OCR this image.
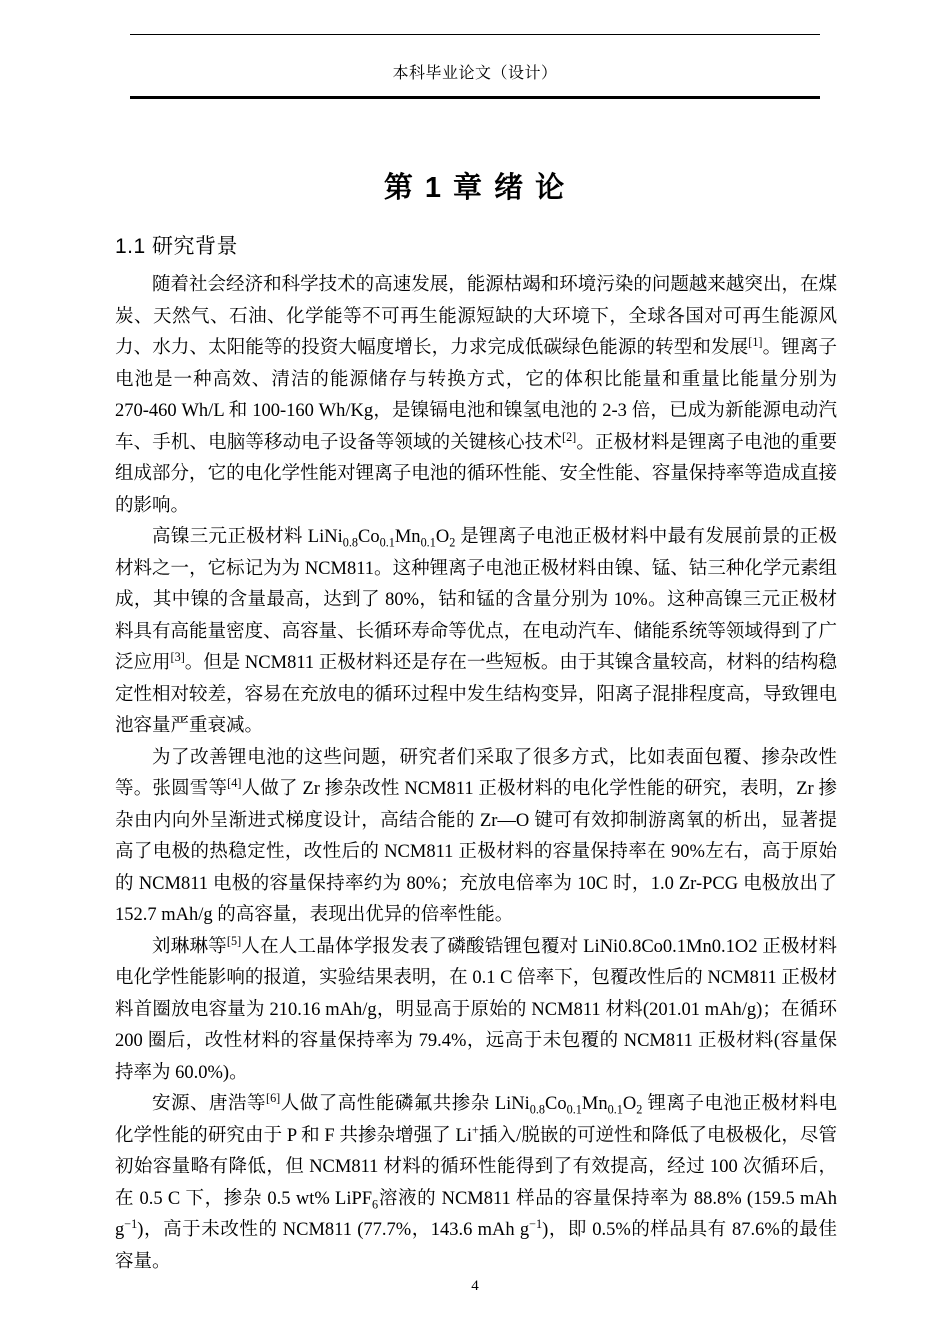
本科毕业论文（设计）
第 1 章 绪 论
1.1 研究背景

随着社会经济和科学技术的高速发展，能源枯竭和环境污染的问题越来越突出，在煤炭、天然气、石油、化学能等不可再生能源短缺的大环境下，全球各国对可再生能源风力、水力、太阳能等的投资大幅度增长，力求完成低碳绿色能源的转型和发展[1]。锂离子电池是一种高效、清洁的能源储存与转换方式，它的体积比能量和重量比能量分别为 270-460 Wh/L 和 100-160 Wh/Kg，是镍镉电池和镍氢电池的 2-3 倍，已成为新能源电动汽车、手机、电脑等移动电子设备等领域的关键核心技术[2]。正极材料是锂离子电池的重要组成部分，它的电化学性能对锂离子电池的循环性能、安全性能、容量保持率等造成直接的影响。

高镍三元正极材料 $LiNi_{0.8}Co_{0.1}Mn_{0.1}O_2$ 是锂离子电池正极材料中最有发展前景的正极材料之一，它标记为为 NCM811。这种锂离子电池正极材料由镍、锰、钴三种化学元素组成，其中镍的含量最高，达到了 80%，钴和锰的含量分别为 10%。这种高镍三元正极材料具有高能量密度、高容量、长循环寿命等优点，在电动汽车、储能系统等领域得到了广泛应用[3]。但是 NCM811 正极材料还是存在一些短板。由于其镍含量较高，材料的结构稳定性相对较差，容易在充放电的循环过程中发生结构变异，阳离子混排程度高，导致锂电池容量严重衰减。

为了改善锂电池的这些问题，研究者们采取了很多方式，比如表面包覆、掺杂改性等。张圆雪等[4]人做了 Zr 掺杂改性 NCM811 正极材料的电化学性能的研究，表明，Zr 掺杂由内向外呈渐进式梯度设计，高结合能的 Zr—O 键可有效抑制游离氧的析出，显著提高了电极的热稳定性，改性后的 NCM811 正极材料的容量保持率在 90%左右，高于原始的 NCM811 电极的容量保持率约为 80%；充放电倍率为 10C 时，1.0 Zr-PCG 电极放出了 152.7 mAh/g 的高容量，表现出优异的倍率性能。

刘琳琳等[5]人在人工晶体学报发表了磷酸锆锂包覆对 LiNi0.8Co0.1Mn0.1O2 正极材料电化学性能影响的报道，实验结果表明，在 0.1 C 倍率下，包覆改性后的 NCM811 正极材料首圈放电容量为 210.16 mAh/g，明显高于原始的 NCM811 材料(201.01 mAh/g)；在循环 200 圈后，改性材料的容量保持率为 79.4%，远高于未包覆的 NCM811 正极材料(容量保持率为 60.0%)。

安源、唐浩等[6]人做了高性能磷氟共掺杂 $LiNi_{0.8}Co_{0.1}Mn_{0.1}O_2$ 锂离子电池正极材料电化学性能的研究由于 P 和 F 共掺杂增强了 Li+插入/脱嵌的可逆性和降低了电极极化，尽管初始容量略有降低，但 NCM811 材料的循环性能得到了有效提高，经过 100 次循环后，在 0.5 C 下，掺杂 0.5 wt% LiPF$_6$溶液的 NCM811 样品的容量保持率为 88.8% (159.5 mAh $g^{-1}$)，高于未改性的 NCM811 (77.7%，143.6 mAh $g^{-1}$)，即 0.5%的样品具有 87.6%的最佳容量。

4
